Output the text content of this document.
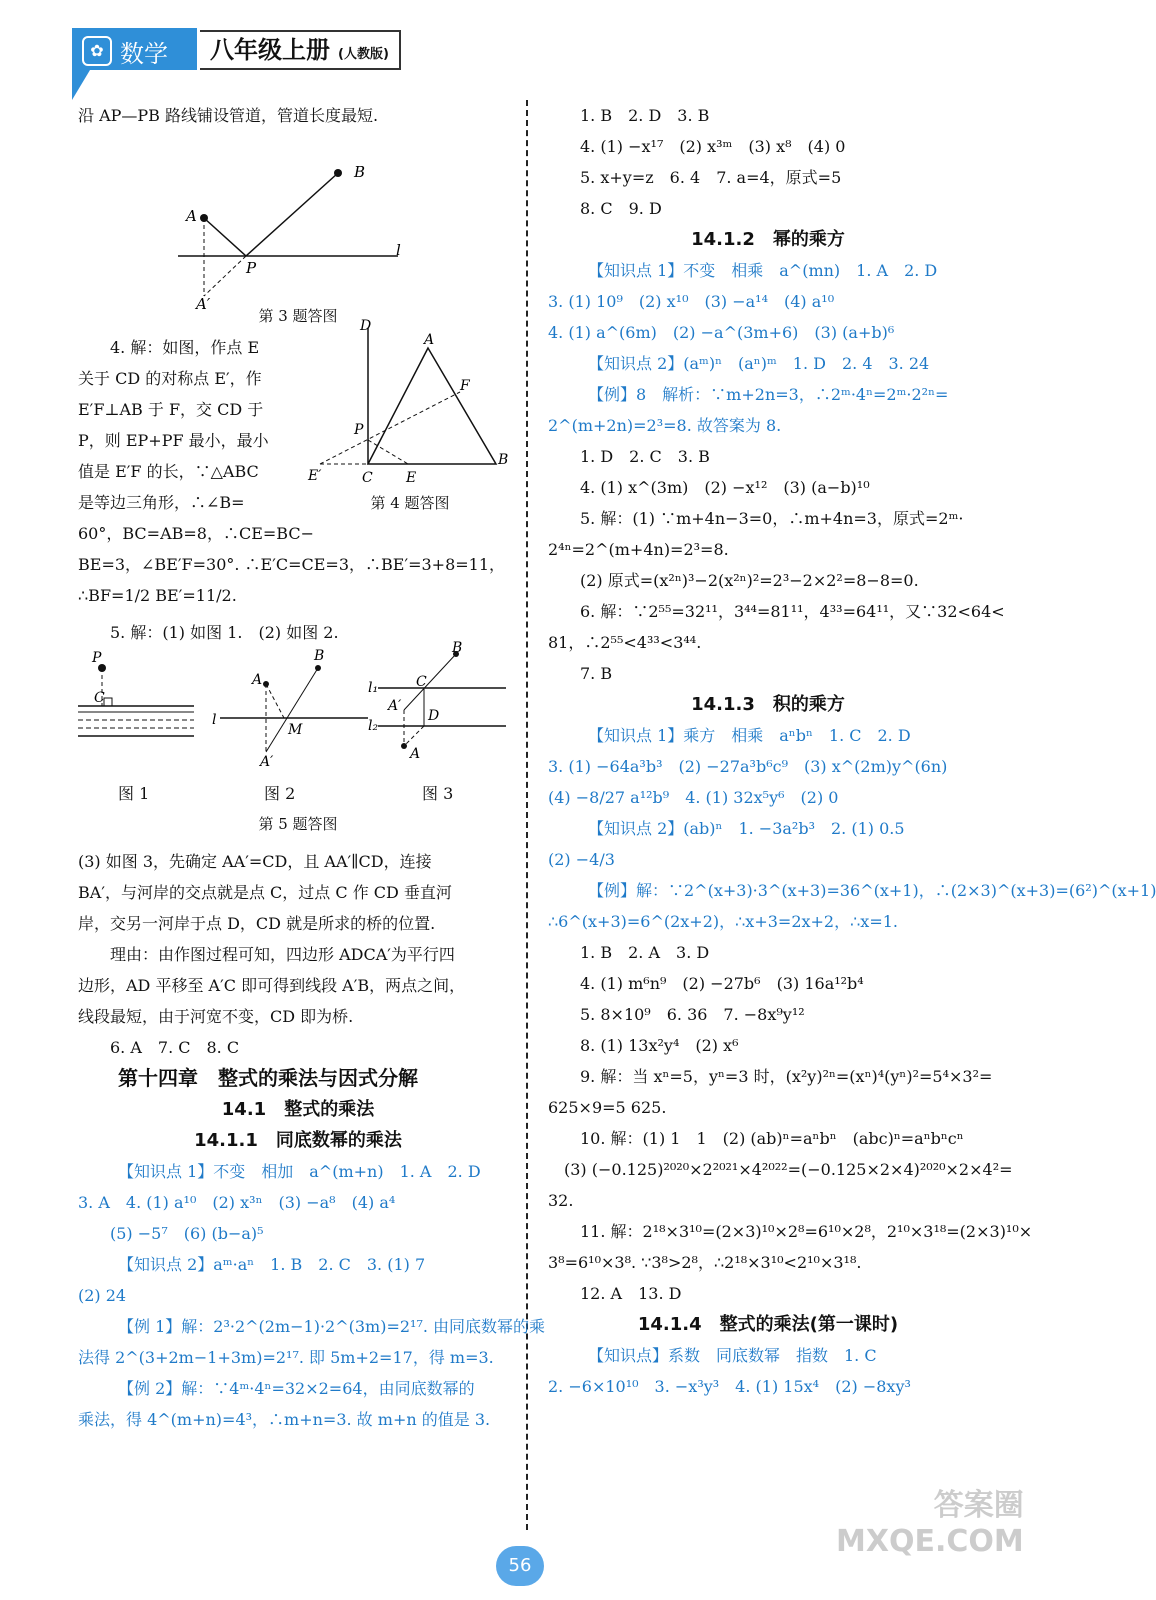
✿ 数学	八年级上册 (人教版)

沿 AP—PB 路线铺设管道，管道长度最短.

l
A
B
P
A′

第 3 题答图

4. 解：如图，作点 E

关于 CD 的对称点 E′，作

E′F⊥AB 于 F，交 CD 于

P，则 EP+PF 最小，最小

值是 E′F 的长，∵△ABC

是等边三角形，∴∠B=

60°，BC=AB=8，∴CE=BC−

BE=3，∠BE′F=30°. ∴E′C=CE=3，∴BE′=3+8=11，

∴BF=1/2 BE′=11/2.

5. 解：(1) 如图 1.　(2) 如图 2.

P
C
l
A
B
M
A′
l₁
l₂
B
C
D
A′
A

图 1	图 2	图 3

第 5 题答图

(3) 如图 3，先确定 AA′=CD，且 AA′∥CD，连接

BA′，与河岸的交点就是点 C，过点 C 作 CD 垂直河

岸，交另一河岸于点 D，CD 就是所求的桥的位置.

理由：由作图过程可知，四边形 ADCA′为平行四

边形，AD 平移至 A′C 即可得到线段 A′B，两点之间，

线段最短，由于河宽不变，CD 即为桥.

6. A　7. C　8. C

第十四章　整式的乘法与因式分解

14.1　整式的乘法

14.1.1　同底数幂的乘法

【知识点 1】不变　相加　a^(m+n)　1. A　2. D

3. A　4. (1) a¹⁰　(2) x³ⁿ　(3) −a⁸　(4) a⁴

(5) −5⁷　(6) (b−a)⁵

【知识点 2】aᵐ·aⁿ　1. B　2. C　3. (1) 7

(2) 24

【例 1】解：2³·2^(2m−1)·2^(3m)=2¹⁷. 由同底数幂的乘

法得 2^(3+2m−1+3m)=2¹⁷. 即 5m+2=17，得 m=3.

【例 2】解：∵4ᵐ·4ⁿ=32×2=64，由同底数幂的

乘法，得 4^(m+n)=4³，∴m+n=3. 故 m+n 的值是 3.

D
A
B
C E
E′
F
P

第 4 题答图

1. B　2. D　3. B

4. (1) −x¹⁷　(2) x³ᵐ　(3) x⁸　(4) 0

5. x+y=z　6. 4　7. a=4，原式=5

8. C　9. D

14.1.2　幂的乘方

【知识点 1】不变　相乘　a^(mn)　1. A　2. D

3. (1) 10⁹　(2) x¹⁰　(3) −a¹⁴　(4) a¹⁰

4. (1) a^(6m)　(2) −a^(3m+6)　(3) (a+b)⁶

【知识点 2】(aᵐ)ⁿ　(aⁿ)ᵐ　1. D　2. 4　3. 24

【例】8　解析：∵m+2n=3，∴2ᵐ·4ⁿ=2ᵐ·2²ⁿ=

2^(m+2n)=2³=8. 故答案为 8.

1. D　2. C　3. B

4. (1) x^(3m)　(2) −x¹²　(3) (a−b)¹⁰

5. 解：(1) ∵m+4n−3=0，∴m+4n=3，原式=2ᵐ·

2⁴ⁿ=2^(m+4n)=2³=8.

(2) 原式=(x²ⁿ)³−2(x²ⁿ)²=2³−2×2²=8−8=0.

6. 解：∵2⁵⁵=32¹¹，3⁴⁴=81¹¹，4³³=64¹¹，又∵32<64<

81，∴2⁵⁵<4³³<3⁴⁴.

7. B

14.1.3　积的乘方

【知识点 1】乘方　相乘　aⁿbⁿ　1. C　2. D

3. (1) −64a³b³　(2) −27a³b⁶c⁹　(3) x^(2m)y^(6n)

(4) −8/27 a¹²b⁹　4. (1) 32x⁵y⁶　(2) 0

【知识点 2】(ab)ⁿ　1. −3a²b³　2. (1) 0.5

(2) −4/3

【例】解：∵2^(x+3)·3^(x+3)=36^(x+1)，∴(2×3)^(x+3)=(6²)^(x+1)

∴6^(x+3)=6^(2x+2)，∴x+3=2x+2，∴x=1.

1. B　2. A　3. D

4. (1) m⁶n⁹　(2) −27b⁶　(3) 16a¹²b⁴

5. 8×10⁹　6. 36　7. −8x⁹y¹²

8. (1) 13x²y⁴　(2) x⁶

9. 解：当 xⁿ=5，yⁿ=3 时，(x²y)²ⁿ=(xⁿ)⁴(yⁿ)²=5⁴×3²=

625×9=5 625.

10. 解：(1) 1　1　(2) (ab)ⁿ=aⁿbⁿ　(abc)ⁿ=aⁿbⁿcⁿ

(3) (−0.125)²⁰²⁰×2²⁰²¹×4²⁰²²=(−0.125×2×4)²⁰²⁰×2×4²=

32.

11. 解：2¹⁸×3¹⁰=(2×3)¹⁰×2⁸=6¹⁰×2⁸，2¹⁰×3¹⁸=(2×3)¹⁰×

3⁸=6¹⁰×3⁸. ∵3⁸>2⁸，∴2¹⁸×3¹⁰<2¹⁰×3¹⁸.

12. A　13. D

14.1.4　整式的乘法(第一课时)

【知识点】系数　同底数幂　指数　1. C

2. −6×10¹⁰　3. −x³y³　4. (1) 15x⁴　(2) −8xy³

56
答案圈
MXQE.COM
